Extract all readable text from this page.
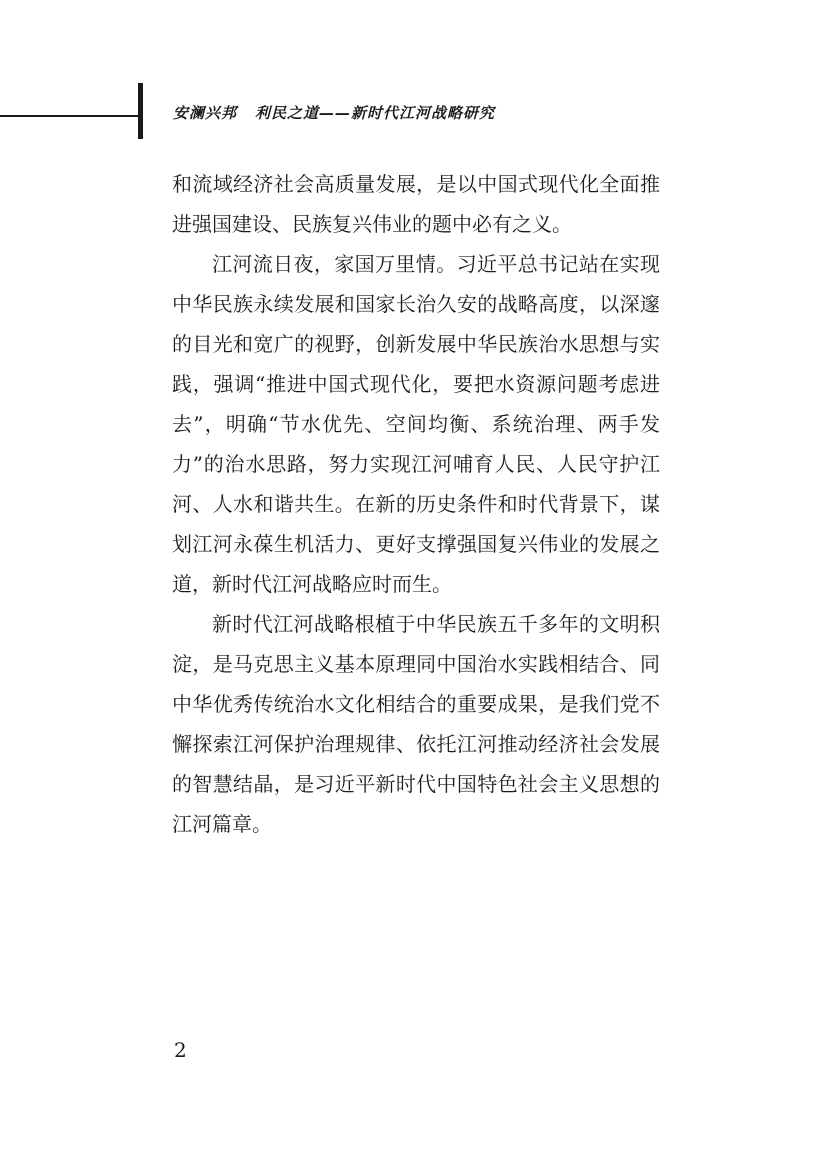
安澜兴邦 利民之道——新时代江河战略研究

和流域经济社会高质量发展，是以中国式现代化全面推进强国建设、民族复兴伟业的题中必有之义。

江河流日夜，家国万里情。习近平总书记站在实现中华民族永续发展和国家长治久安的战略高度，以深邃的目光和宽广的视野，创新发展中华民族治水思想与实践，强调“推进中国式现代化，要把水资源问题考虑进去”，明确“节水优先、空间均衡、系统治理、两手发力”的治水思路，努力实现江河哺育人民、人民守护江河、人水和谐共生。在新的历史条件和时代背景下，谋划江河永葆生机活力、更好支撑强国复兴伟业的发展之道，新时代江河战略应时而生。

新时代江河战略根植于中华民族五千多年的文明积淀，是马克思主义基本原理同中国治水实践相结合、同中华优秀传统治水文化相结合的重要成果，是我们党不懈探索江河保护治理规律、依托江河推动经济社会发展的智慧结晶，是习近平新时代中国特色社会主义思想的江河篇章。

2
